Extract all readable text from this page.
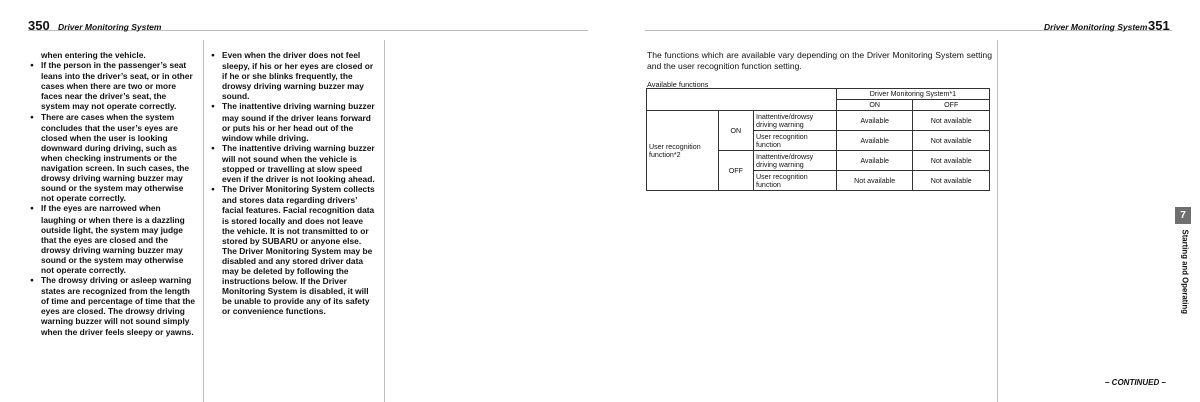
350 Driver Monitoring System

when entering the vehicle.

● If the person in the passenger’s seat leans into the driver’s seat, or in other cases when there are two or more faces near the driver’s seat, the system may not operate correctly.

● There are cases when the system concludes that the user’s eyes are closed when the user is looking downward during driving, such as when checking instruments or the navigation screen. In such cases, the drowsy driving warning buzzer may sound or the system may otherwise not operate correctly.

● If the eyes are narrowed when laughing or when there is a dazzling outside light, the system may judge that the eyes are closed and the drowsy driving warning buzzer may sound or the system may otherwise not operate correctly.

● The drowsy driving or asleep warning states are recognized from the length of time and percentage of time that the eyes are closed. The drowsy driving warning buzzer will not sound simply when the driver feels sleepy or yawns.

● Even when the driver does not feel sleepy, if his or her eyes are closed or if he or she blinks frequently, the drowsy driving warning buzzer may sound.

● The inattentive driving warning buzzer may sound if the driver leans forward or puts his or her head out of the window while driving.

● The inattentive driving warning buzzer will not sound when the vehicle is stopped or travelling at slow speed even if the driver is not looking ahead.

● The Driver Monitoring System collects and stores data regarding drivers’ facial features. Facial recognition data is stored locally and does not leave the vehicle. It is not transmitted to or stored by SUBARU or anyone else. The Driver Monitoring System may be disabled and any stored driver data may be deleted by following the instructions below. If the Driver Monitoring System is disabled, it will be unable to provide any of its safety or convenience functions.

Driver Monitoring System 351
The functions which are available vary depending on the Driver Monitoring System setting and the user recognition function setting.
Available functions
			Driver Monitoring System*1	
			ON	OFF
User recognition function*2	ON	Inattentive/drowsy driving warning	Available	Not available
		User recognition function	Available	Not available
	OFF	Inattentive/drowsy driving warning	Available	Not available
		User recognition function	Not available	Not available
7
Starting and Operating
– CONTINUED –
